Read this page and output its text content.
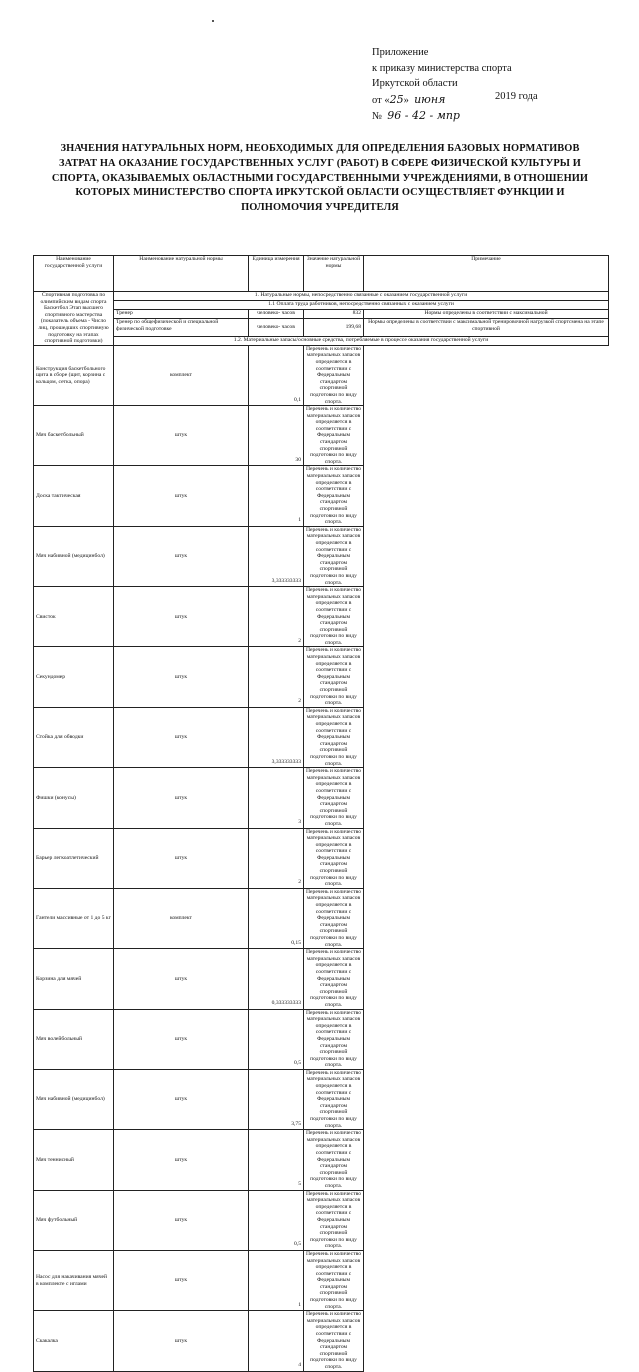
Приложение
к приказу министерства спорта
Иркутской области
от «25» июня
№ 96 - 42 - мпр
2019 года
ЗНАЧЕНИЯ НАТУРАЛЬНЫХ НОРМ, НЕОБХОДИМЫХ ДЛЯ ОПРЕДЕЛЕНИЯ БАЗОВЫХ НОРМАТИВОВ ЗАТРАТ НА ОКАЗАНИЕ ГОСУДАРСТВЕННЫХ УСЛУГ (РАБОТ) В СФЕРЕ ФИЗИЧЕСКОЙ КУЛЬТУРЫ И СПОРТА, ОКАЗЫВАЕМЫХ ОБЛАСТНЫМИ ГОСУДАРСТВЕННЫМИ УЧРЕЖДЕНИЯМИ, В ОТНОШЕНИИ КОТОРЫХ МИНИСТЕРСТВО СПОРТА ИРКУТСКОЙ ОБЛАСТИ ОСУЩЕСТВЛЯЕТ ФУНКЦИИ И ПОЛНОМОЧИЯ УЧРЕДИТЕЛЯ
Наименование государственной услуги	Наименование натуральной нормы	Единица измерения	Значение натуральной нормы	Примечание
Спортивная подготовка по олимпийским видам спорта Баскетбол Этап высшего спортивного мастерства (показатель объема - Число лиц, прошедших спортивную подготовку на этапах спортивной подготовки)	1. Натуральные нормы, непосредственно связанные с оказанием государственной услуги			
	1.1 Оплата труда работников, непосредственно связанных с оказанием услуги			
	Тренер	человеко- часов	832	Нормы определены в соответствии с максимальной
	Тренер по общефизической и специальной физической подготовке	человеко- часов	199,68	Нормы определены в соответствии с максимальной тренировочной нагрузкой спортсмена на этапе спортивной
	1.2. Материальные запасы/основные средства, потребляемые в процессе оказания государственной услуги			
Конструкция баскетбольного щита в сборе (щит, корзина с кольцом, сетка, опора)	комплект	0,1	Перечень и количество материальных запасов определяется в соответствии с Федеральным стандартом спортивной подготовки по виду спорта.	
Мяч баскетбольный	штук	30	Перечень и количество материальных запасов определяется в соответствии с Федеральным стандартом спортивной подготовки по виду спорта.	
Доска тактическая	штук	1	Перечень и количество материальных запасов определяется в соответствии с Федеральным стандартом спортивной подготовки по виду спорта.	
Мяч набивной (медицинбол)	штук	3,333333333	Перечень и количество материальных запасов определяется в соответствии с Федеральным стандартом спортивной подготовки по виду спорта.	
Свисток	штук	2	Перечень и количество материальных запасов определяется в соответствии с Федеральным стандартом спортивной подготовки по виду спорта.	
Секундомер	штук	2	Перечень и количество материальных запасов определяется в соответствии с Федеральным стандартом спортивной подготовки по виду спорта.	
Стойка для обводки	штук	3,333333333	Перечень и количество материальных запасов определяется в соответствии с Федеральным стандартом спортивной подготовки по виду спорта.	
Фишки (конусы)	штук	3	Перечень и количество материальных запасов определяется в соответствии с Федеральным стандартом спортивной подготовки по виду спорта.	
Барьер легкоатлетический	штук	2	Перечень и количество материальных запасов определяется в соответствии с Федеральным стандартом спортивной подготовки по виду спорта.	
Гантели массивные от 1 до 5 кг	комплект	0,15	Перечень и количество материальных запасов определяется в соответствии с Федеральным стандартом спортивной подготовки по виду спорта.	
Корзина для мячей	штук	0,333333333	Перечень и количество материальных запасов определяется в соответствии с Федеральным стандартом спортивной подготовки по виду спорта.	
Мяч волейбольный	штук	0,5	Перечень и количество материальных запасов определяется в соответствии с Федеральным стандартом спортивной подготовки по виду спорта.	
Мяч набивной (медицинбол)	штук	3,75	Перечень и количество материальных запасов определяется в соответствии с Федеральным стандартом спортивной подготовки по виду спорта.	
Мяч теннисный	штук	5	Перечень и количество материальных запасов определяется в соответствии с Федеральным стандартом спортивной подготовки по виду спорта.	
Мяч футбольный	штук	0,5	Перечень и количество материальных запасов определяется в соответствии с Федеральным стандартом спортивной подготовки по виду спорта.	
Насос для накачивания мячей в комплекте с иглами	штук	1	Перечень и количество материальных запасов определяется в соответствии с Федеральным стандартом спортивной подготовки по виду спорта.	
Скакалка	штук	4	Перечень и количество материальных запасов определяется в соответствии с Федеральным стандартом спортивной подготовки по виду спорта.	
